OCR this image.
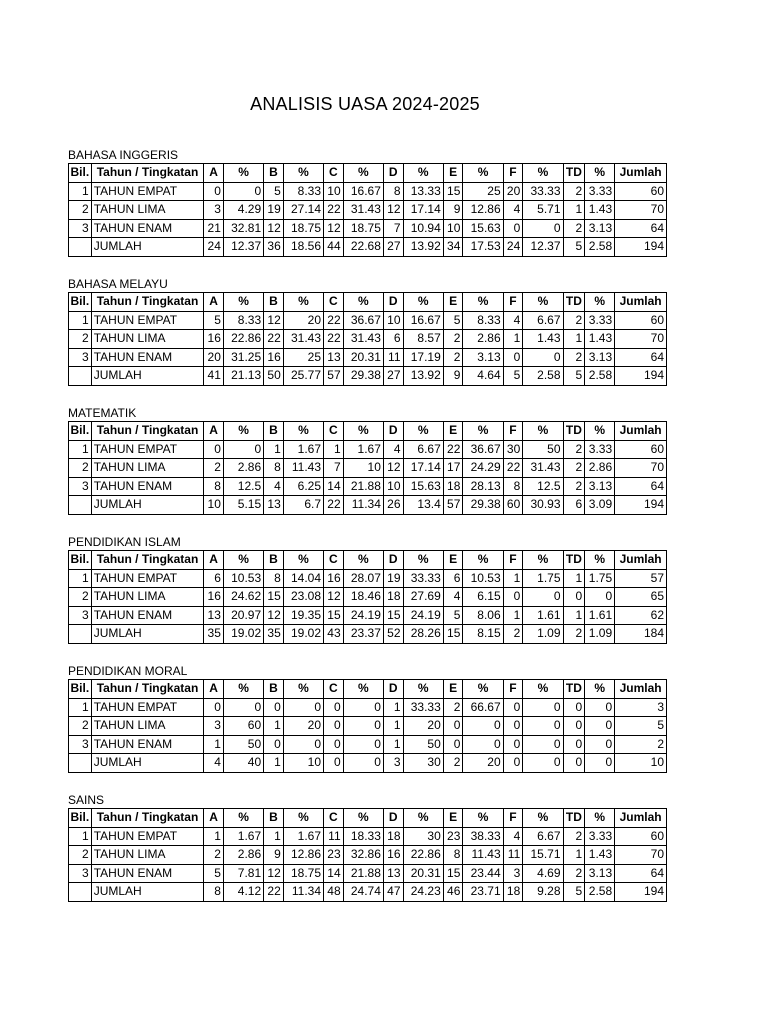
ANALISIS UASA 2024-2025
BAHASA INGGERIS
Bil.	Tahun / Tingkatan	A	%	B	%	C	%	D	%	E	%	F	%	TD	%	Jumlah
1	TAHUN EMPAT	0	0	5	8.33	10	16.67	8	13.33	15	25	20	33.33	2	3.33	60
2	TAHUN LIMA	3	4.29	19	27.14	22	31.43	12	17.14	9	12.86	4	5.71	1	1.43	70
3	TAHUN ENAM	21	32.81	12	18.75	12	18.75	7	10.94	10	15.63	0	0	2	3.13	64
	JUMLAH	24	12.37	36	18.56	44	22.68	27	13.92	34	17.53	24	12.37	5	2.58	194
BAHASA MELAYU
Bil.	Tahun / Tingkatan	A	%	B	%	C	%	D	%	E	%	F	%	TD	%	Jumlah
1	TAHUN EMPAT	5	8.33	12	20	22	36.67	10	16.67	5	8.33	4	6.67	2	3.33	60
2	TAHUN LIMA	16	22.86	22	31.43	22	31.43	6	8.57	2	2.86	1	1.43	1	1.43	70
3	TAHUN ENAM	20	31.25	16	25	13	20.31	11	17.19	2	3.13	0	0	2	3.13	64
	JUMLAH	41	21.13	50	25.77	57	29.38	27	13.92	9	4.64	5	2.58	5	2.58	194
MATEMATIK
Bil.	Tahun / Tingkatan	A	%	B	%	C	%	D	%	E	%	F	%	TD	%	Jumlah
1	TAHUN EMPAT	0	0	1	1.67	1	1.67	4	6.67	22	36.67	30	50	2	3.33	60
2	TAHUN LIMA	2	2.86	8	11.43	7	10	12	17.14	17	24.29	22	31.43	2	2.86	70
3	TAHUN ENAM	8	12.5	4	6.25	14	21.88	10	15.63	18	28.13	8	12.5	2	3.13	64
	JUMLAH	10	5.15	13	6.7	22	11.34	26	13.4	57	29.38	60	30.93	6	3.09	194
PENDIDIKAN ISLAM
Bil.	Tahun / Tingkatan	A	%	B	%	C	%	D	%	E	%	F	%	TD	%	Jumlah
1	TAHUN EMPAT	6	10.53	8	14.04	16	28.07	19	33.33	6	10.53	1	1.75	1	1.75	57
2	TAHUN LIMA	16	24.62	15	23.08	12	18.46	18	27.69	4	6.15	0	0	0	0	65
3	TAHUN ENAM	13	20.97	12	19.35	15	24.19	15	24.19	5	8.06	1	1.61	1	1.61	62
	JUMLAH	35	19.02	35	19.02	43	23.37	52	28.26	15	8.15	2	1.09	2	1.09	184
PENDIDIKAN MORAL
Bil.	Tahun / Tingkatan	A	%	B	%	C	%	D	%	E	%	F	%	TD	%	Jumlah
1	TAHUN EMPAT	0	0	0	0	0	0	1	33.33	2	66.67	0	0	0	0	3
2	TAHUN LIMA	3	60	1	20	0	0	1	20	0	0	0	0	0	0	5
3	TAHUN ENAM	1	50	0	0	0	0	1	50	0	0	0	0	0	0	2
	JUMLAH	4	40	1	10	0	0	3	30	2	20	0	0	0	0	10
SAINS
Bil.	Tahun / Tingkatan	A	%	B	%	C	%	D	%	E	%	F	%	TD	%	Jumlah
1	TAHUN EMPAT	1	1.67	1	1.67	11	18.33	18	30	23	38.33	4	6.67	2	3.33	60
2	TAHUN LIMA	2	2.86	9	12.86	23	32.86	16	22.86	8	11.43	11	15.71	1	1.43	70
3	TAHUN ENAM	5	7.81	12	18.75	14	21.88	13	20.31	15	23.44	3	4.69	2	3.13	64
	JUMLAH	8	4.12	22	11.34	48	24.74	47	24.23	46	23.71	18	9.28	5	2.58	194
